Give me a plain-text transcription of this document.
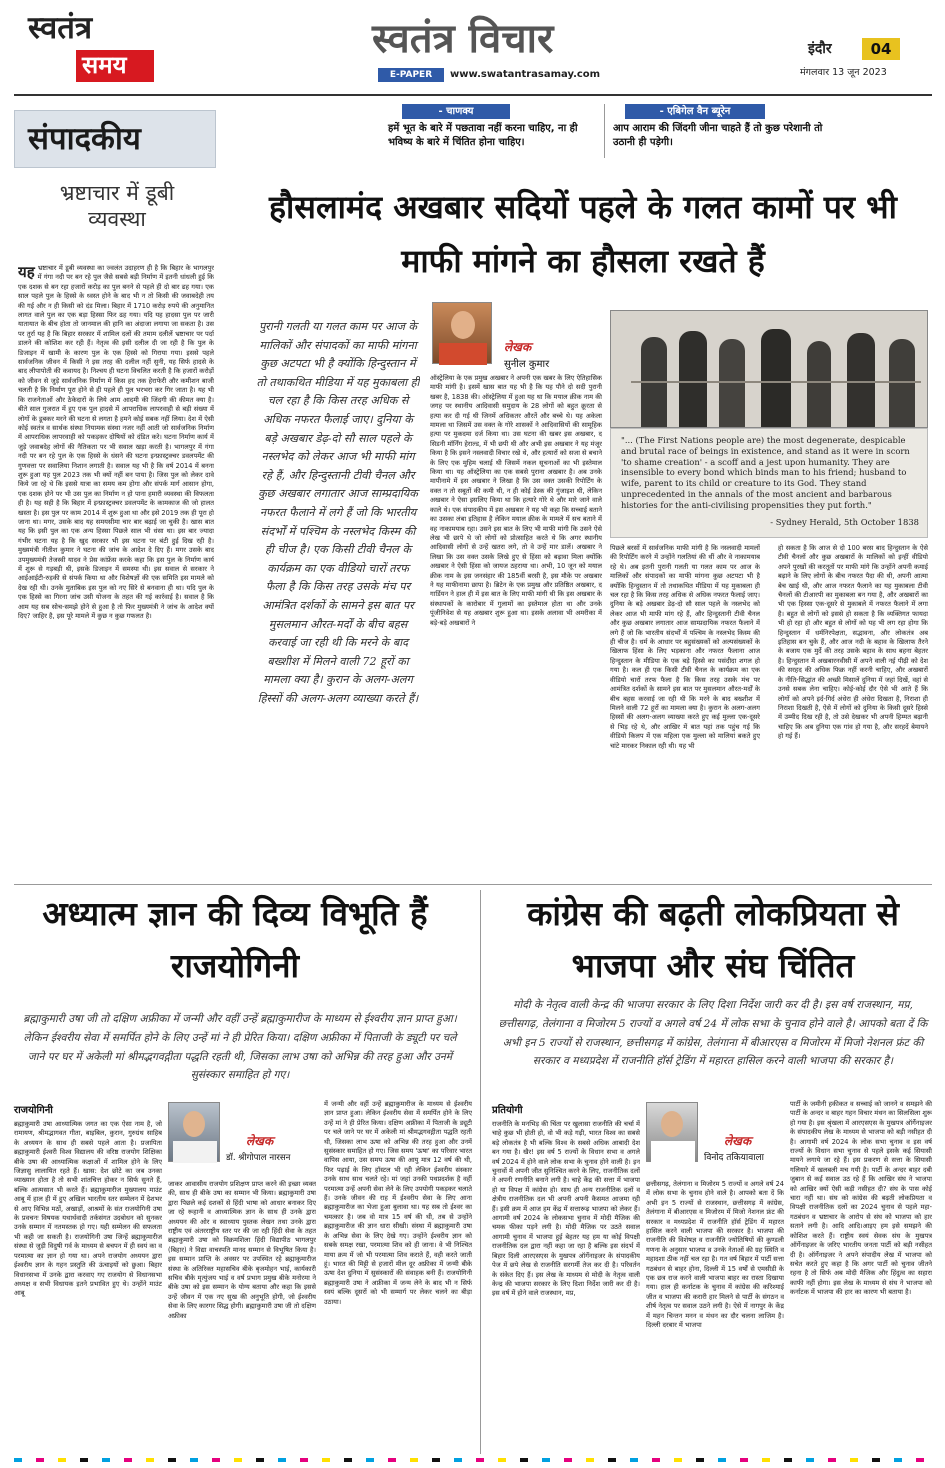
स्वतंत्र
समय
स्वतंत्र विचार
E-PAPER	www.swatantrasamay.com
इंदौर	04
मंगलवार 13 जून 2023
- चाणक्य
हमें भूत के बारे में पछतावा नहीं करना चाहिए, ना ही भविष्य के बारे में चिंतित होना चाहिए।
- एबिगेल वैन ब्यूरेन
आप आराम की जिंदगी जीना चाहते हैं तो कुछ परेशानी तो उठानी ही पड़ेगी।
संपादकीय
भ्रष्टाचार में डूबी व्यवस्था
यह भ्रष्टाचार में डूबी व्यवस्था का ज्वलंत उदाहरण ही है कि बिहार के भागलपुर में गंगा नदी पर बन रहे पुल जैसे सबसे बड़ी निर्माण में इतनी धांधली हुई कि एक दशक से बन रहा हजारों करोड़ का पुल बनने से पहले ही दो बार ढह गया। एक साल पहले पुल के हिस्से के ध्वस्त होने के बाद भी न तो किसी की जवाबदेही तय की गई और न ही किसी को दंड मिला। बिहार में 1710 करोड़ रुपये की अनुमानित लागत वाले पुल का एक बड़ा हिस्सा फिर ढह गया। यदि यह हादसा पुल पर जारी यातायात के बीच होता तो जानमाल की हानि का अंदाजा लगाया जा सकता है। उस पर तुर्रा यह है कि बिहार सरकार में शामिल दलों की तमाम दलीलें भ्रष्टाचार पर पर्दा डालने की कोशिश कर रही हैं। नेतृत्व की इसी दलील दी जा रही है कि पुल के डिजाइन में खामी के कारण पुल के एक हिस्से को गिराया गया। इससे पहले सार्वजनिक जीवन में किसी ने इस तरह की दलील नहीं सुनी, यह सिर्फ हादसे के बाद लीपापोती की कवायद है। निश्चय ही घटना विचलित करती है कि हजारों करोड़ों को जीवन से जुड़े सार्वजनिक निर्माण में किस हद तक हेराफेरी और कमीशन बाजी चलती है कि निर्माण पूरा होने से ही पहले ही पुल भरभरा कर गिर जाता है। यह भी कि राजनेताओं और ठेकेदारों के लिये आम आदमी की जिंदगी की कीमत क्या है। बीते साल गुजरात में हुए एक पुल हादसे में आपराधिक लापरवाही से बड़ी संख्या में लोगों के डूबकर मरने की घटना से लगता है हमने कोई सबक नहीं लिया। देश में ऐसी कोई स्वतंत्र व सार्थक संस्था नियामक संस्था नजर नहीं आती जो सार्वजनिक निर्माण में आपराधिक लापरवाही को पकड़कर दोषियों को दंडित करे। घटना निर्माण कार्य में जुड़े जवाबदेह लोगों की नैतिकता पर भी सवाल खड़ा करती है। भागलपुर में गंगा नदी पर बन रहे पुल के एक हिस्से के धंसने की घटना इन्फ्रास्ट्रक्चर डवलपमेंट की गुणवत्ता पर सवालिया निशान लगाती है। सवाल यह भी है कि वर्ष 2014 में बनना शुरू हुआ यह पुल 2023 तक भी क्यों नहीं बन पाया है। जिस पुल को लेकर दावे किये जा रहे थे कि इससे यात्रा का समय कम होगा और संपर्क मार्ग आसान होगा, एक दशक होने पर भी उस पुल का निर्माण न हो पाना हमारी व्यवस्था की विफलता ही है। यह सही है कि बिहार में इन्फ्रास्ट्रक्चर डवलपमेंट के कामकाज की जो हालत खस्ता है। इस पुल पर काम 2014 में शुरू हुआ था और इसे 2019 तक ही पूरा हो जाना था। मगर, उसके बाद यह समयसीमा चार बार बढ़ाई जा चुकी है। खास बात यह कि इसी पुल का एक अन्य हिस्सा पिछले साल भी धंसा था। इस बार ज्यादा गंभीर घटना यह है कि खुद सरकार भी इस घटना पर बंटी हुई दिख रही है। मुख्यमंत्री नीतीश कुमार ने घटना की जांच के आदेश दे दिए हैं। मगर उसके बाद उपमुख्यमंत्री तेजस्वी यादव ने प्रेस कांफ्रेंस करके कहा कि इस पुल के निर्माण कार्य में शुरू से गड़बड़ी थी, इसके डिजाइन में समस्या थी। इस सवाल से सरकार ने आईआईटी-रुड़की से संपर्क किया था और विशेषज्ञों की एक समिति इस मामले को देख रही थी। उनके मुताबिक इस पुल को नए सिरे से बनवाना ही था। यदि पुल के एक हिस्से का गिरना जांच उसी योजना के तहत की गई कार्रवाई है। सवाल है कि आम यह सब सोच-समझे होने से हुआ है तो फिर मुख्यमंत्री ने जांच के आदेश क्यों दिए? जाहिर है, इस पूरे मामले में कुछ न कुछ गफलत है।
हौसलामंद अखबार सदियों पहले के गलत कामों पर भी माफी मांगने का हौसला रखते हैं
पुरानी गलती या गलत काम पर आज के मालिकों और संपादकों का माफी मांगना कुछ अटपटा भी है क्योंकि हिन्दुस्तान में तो तथाकथित मीडिया में यह मुकाबला ही चल रहा है कि किस तरह अधिक से अधिक नफरत फैलाई जाए। दुनिया के बड़े अखबार डेढ़-दो सौ साल पहले के नस्लभेद को लेकर आज भी माफी मांग रहे हैं, और हिन्दुस्तानी टीवी चैनल और कुछ अखबार लगातार आज साम्प्रदायिक नफरत फैलाने में लगे हैं जो कि भारतीय संदर्भों में पश्चिम के नस्लभेद किस्म की ही चीज है। एक किसी टीवी चैनल के कार्यक्रम का एक वीडियो चारों तरफ फैला है कि किस तरह उसके मंच पर आमंत्रित दर्शकों के सामने इस बात पर मुसलमान औरत-मर्दों के बीच बहस करवाई जा रही थी कि मरने के बाद बख्शीश में मिलने वाली 72 हूरों का मामला क्या है। कुरान के अलग-अलग हिस्सों की अलग-अलग व्याख्या करते हैं।
लेखक
सुनील कुमार
ऑस्ट्रेलिया के एक प्रमुख अखबार ने अपनी एक खबर के लिए ऐतिहासिक माफी मांगी है। इसमें खास बात यह भी है कि यह पौने दो सदी पुरानी खबर है, 1838 की। ऑस्ट्रेलिया में हुआ यह था कि मयाल क्रीक नाम की जगह पर स्थानीय आदिवासी समुदाय के 28 लोगों को बहुत क्रूरता से हत्या कर दी गई थी जिनमें अधिकतर औरतें और बच्चे थे। यह अकेला मामला था जिसमें उस वक्त के गोरे शासकों ने आदिवासियों की सामूहिक हत्या पर मुकदमा दर्ज किया था। उस घटना की खबर इस अखबार, द सिडनी मॉर्निंग हेराल्ड, में भी छपी थी और अभी इस अखबार ने यह मंजूर किया है कि इसने नस्लवादी विचार रखे थे, और हत्यारों को सजा से बचाने के लिए एक मुहिम चलाई थी जिसमें नकल सूचनाओं का भी इस्तेमाल किया था। यह ऑस्ट्रेलिया का एक सबसे पुराना अखबार है। अब उनके मापीनामे में इस अखबार ने लिखा है कि उस वक्त उसकी रिपोर्टिंग के वक्त न तो सबूतों की कमी थी, न ही कोई डेस्क की गुंजाइश थी, लेकिन अखबार ने ऐसा इसलिए किया था कि हत्यारे गोरे थे और मारे जाने वाले काले थे। एक संपादकीय में इस अखबार ने यह भी कहा कि सच्चाई बताने का उसका लंबा इतिहास है लेकिन मयाल क्रीक के मामले में सच बताने में वह नाकामयाब रहा। उसने इस बात के लिए भी माफी मांगी कि उसने ऐसे लेख भी छापे थे जो लोगों को प्रोत्साहित करते थे कि अगर स्थानीय आदिवासी लोगों से उन्हें खतरा लगे, तो वे उन्हें मार डालें। अखबार ने लिखा कि उस वक्त उसके लिखे हुए से हिंसा को बढ़ावा मिला क्योंकि अखबार ने ऐसी हिंसा को जायज ठहराया था। अभी, 10 जून को मयाल क्रीक नाम के इस जनसंहार की 185वीं बरसी है, इस मौके पर अखबार ने यह माफीनामा छापा है। ब्रिटेन के एक प्रमुख और प्रतिष्ठित अखबार, द गार्डियन ने हाल ही में इस बात के लिए माफी मांगी थी कि इस अखबार के संस्थापकों के कारोबार में गुलामों का इस्तेमाल होता था और उनके पूंजीनिवेश से यह अखबार शुरू हुआ था। इसके अलावा भी अमरीका में बड़े-बड़े अखबारों ने
"... (The First Nations people are) the most degenerate, despicable and brutal race of beings in existence, and stand as it were in scorn 'to shame creation' - a scoff and a jest upon humanity. They are insensible to every bond which binds man to his friend; husband to wife, parent to its child or creature to its God. They stand unprecedented in the annals of the most ancient and barbarous histories for the anti-civilising propensities they put forth."
- Sydney Herald, 5th October 1838
पिछले बरसों में सार्वजनिक माफी मांगी है कि नस्लवादी मामलों की रिपोर्टिंग करने में उन्होंने गलतियां की थीं और वे नाकामयाब रहे थे। अब इतनी पुरानी गलती या गलत काम पर आज के मालिकों और संपादकों का माफी मांगना कुछ अटपटा भी है क्योंकि हिन्दुस्तान में तो तथाकथित मीडिया में यह मुकाबला ही चल रहा है कि किस तरह अधिक से अधिक नफरत फैलाई जाए। दुनिया के बड़े अखबार डेढ़-दो सौ साल पहले के नस्लभेद को लेकर आज भी माफी मांग रहे हैं, और हिन्दुस्तानी टीवी चैनल और कुछ अखबार लगातार आज साम्प्रदायिक नफरत फैलाने में लगे हैं जो कि भारतीय संदर्भों में पश्चिम के नस्लभेद किस्म की ही चीज है। धर्म के आधार पर बहुसंख्यकों को अल्पसंख्यकों के खिलाफ हिंसा के लिए भड़काना और नफरत फैलाना आज हिन्दुस्तान के मीडिया के एक बड़े हिस्से का पसंदीदा शगल हो गया है। कल ही एक किसी टीवी चैनल के कार्यक्रम का एक वीडियो चारों तरफ फैला है कि किस तरह उसके मंच पर आमंत्रित दर्शकों के सामने इस बात पर मुसलमान औरत-मर्दों के बीच बहस करवाई जा रही थी कि मरने के बाद बख्शीश में मिलने वाली 72 हूरों का मामला क्या है। कुरान के अलग-अलग हिस्सों की अलग-अलग व्याख्या करते हुए कई मुल्ला एक-दूसरे से भिड़ रहे थे, और आखिर में बात यहां तक पहुंच गई कि वीडियो किलप में एक महिला एक मुल्ला को मालियां बकते हुए चांटे मारकर निकाल रही थी। यह भी
हो सकता है कि आज से दो 100 बरस बाद हिन्दुस्तान के ऐसे टीवी चैनलों और कुछ अखबारों के मालिकों को इन्हीं वीडियो अपने पुरखों की करतूतों पर माफी मांगे कि उन्होंने अपनी कमाई बढ़ाने के लिए लोगों के बीच नफरत पैदा की थी, अपनी आत्मा बेच खाई थी, और आज नफरत फैलाने का यह मुकाबला टीवी चैनलों की टीआरपी का मुकाबला बन गया है, और अखबारों का भी एक हिस्सा एक-दूसरे से मुकाबले में नफरत फैलाने में लगा है। बहुत से लोगों को इससे हो सकता है कि व्यक्तिगत फायदा भी हो रहा हो और बहुत से लोगों को यह भी लग रहा होगा कि हिन्दुस्तान में धर्मनिरपेक्षता, सद्भावना, और लोकतंत्र अब इतिहास बन चुके हैं, और आज नदी के बहाव के खिलाफ तैरने के बजाय एक मुर्दे की तरह उसके बहाव के साथ बहना बेहतर है। हिन्दुस्तान में अखबारनवीसी में अपने वाली नई पीढ़ी को देश की सरहद की अधिक फिक्र नहीं करनी चाहिए, और अखबारों के नीति-सिद्धांत की अच्छी मिसालें दुनिया में जहां दिखें, वहां से उनसे सबक लेना चाहिए। कोई-कोई दौर ऐसे भी आते हैं कि लोगों को अपने इर्द-गिर्द अंधेरा ही अंधेरा दिखता है, निराशा ही निराशा दिखती है, ऐसे में लोगों को दुनिया के किसी दूसरे हिस्से में उम्मीद दिख रही है, तो उसे देखकर भी अपनी हिम्मत बढ़ानी चाहिए कि अब दुनिया एक गांव हो गया है, और सरहदें बेमायने हो गई हैं।
अध्यात्म ज्ञान की दिव्य विभूति हैं राजयोगिनी
ब्रह्माकुमारी उषा जी तो दक्षिण अफ्रीका में जन्मी और वहीं उन्हें ब्रह्माकुमारीज के माध्यम से ईश्वरीय ज्ञान प्राप्त हुआ। लेकिन ईश्वरीय सेवा में समर्पित होने के लिए उन्हें मां ने ही प्रेरित किया। दक्षिण अफ्रीका में पिताजी के ड्यूटी पर चले जाने पर घर में अकेली मां श्रीमद्भगवद्गीता पद्धति रहती थी, जिसका लाभ उषा को अभिन्न की तरह हुआ और उनमें सुसंस्कार समाहित हो गए।
राजयोगिनी
ब्रह्माकुमारी उषा आध्यात्मिक जगत का एक ऐसा नाम है, जो रामायण, श्रीमद्भागवत गीता, बाइबिल, कुरान, गुरुग्रंथ साहिब के अध्ययन के साथ ही सबसे पहले आता है। प्रजापिता ब्रह्माकुमारी ईश्वरी विश्व विद्यालय की वरिष्ठ राजयोग शिक्षिका बीके उषा की आध्यात्मिक कक्षाओं में शामिल होने के लिए जिज्ञासु लालायित रहते हैं। खास: देश छोटे का जब उनका व्याख्यान होता है तो सभी शांतचित्त होकर न सिर्फ सुनते हैं, बल्कि आत्मसात भी करते हैं। ब्रह्माकुमारीज मुख्यालय माउंट आबू में हाल ही में हुए अखिल भारतीय स्तर सम्मेलन में देशभर से आए विभिन्न मठों, अखाड़ों, आश्रमों के संत राजयोगिनी उषा के प्रवचनः विषयक यथार्थवादी तर्कसंगत उदबोधन को सुनकर उनके सम्मान में नतमस्तक हो गए। यही सम्मेलन की सफलता भी कही जा सकती है। राजयोगिनी उषा जिन्हें ब्रह्माकुमारीज संस्था से जुड़ी विदुषी गर्व के माध्यम से बचपन में ही स्वयं का व परमात्मा का ज्ञान हो गया था। अपने राजयोग अध्ययन द्वारा ईश्वरीय ज्ञान के गहन प्रस्तुति की ऊंचाइयों को छुआ। बिहार विधानसभा में उनके द्वारा करवाए गए राजयोग से विधानसभा अध्यक्ष व सभी विधायक इतने प्रभावित हुए थे। उन्होंने माउंट आबू
लेखक
डॉ. श्रीगोपाल नारसन
जाकर आवासीय राजयोग प्रशिक्षण प्राप्त करने की इच्छा व्यक्त की, साथ ही बीके उषा का सम्मान भी किया। ब्रह्माकुमारी उषा द्वारा पिछले कई दशकों से हिंदी भाषा को आधार बनाकर दिए जा रहे रूहानी व आध्यात्मिक ज्ञान के साथ ही उनके द्वारा अध्ययन की ओर व स्वाध्याय पुस्तक लेखन तथा उनके द्वारा राष्ट्रीय एवं अंतरराष्ट्रीय स्तर पर की जा रही हिंदी सेवा के तहत ब्रह्माकुमारी उषा को विक्रमशिला हिंदी विद्यापीठ भागलपुर (बिहार) ने विद्या वाचस्पति मानद सम्मान से विभूषित किया है। इस सम्मान प्राप्ति के अवसर पर उपस्थित रहे ब्रह्माकुमारीज संस्था के अतिरिक्त महासचिव बीके बृजमोहन भाई, कार्यकारी सचिव बीके मृत्युंजय भाई व वर्ष प्रभाग प्रमुख बीके मनोरमा ने बीके उषा को इस सम्मान के योग्य बताया और कहा कि इससे उन्हें जीवन में एक नए सुख की अनुभूति होगी, जो ईश्वरीय सेवा के लिए कारगर सिद्ध होगी। ब्रह्माकुमारी उषा जी तो दक्षिण अफ्रीका
में जन्मी और वहीं उन्हें ब्रह्माकुमारीज के माध्यम से ईश्वरीय ज्ञान प्राप्त हुआ। लेकिन ईश्वरीय सेवा में समर्पित होने के लिए उन्हें मां ने ही प्रेरित किया। दक्षिण अफ्रीका में पिताजी के ड्यूटी पर चले जाने पर घर में अकेली मां श्रीमद्भगवद्गीता पद्धति रहती थी, जिसका लाभ ऊषा को अभिन्न की तरह हुआ और उनमें सुसंस्कार समाहित हो गए। जिस समय 'ऊषा' का परिवार भारत वापिस आया, उस समय ऊषा की आयु मात्र 12 वर्ष की थी, फिर पढ़ाई के लिए हॉस्टल भी रही लेकिन ईश्वरीय संस्कार उनके साथ साथ चलते रहे। मां जहां उनकी पथप्रदर्शक है वहीं परमात्मा उन्हें अपनी सेवा लेने के लिए उपयोगी पकड़कर चलाते हैं। उनके जीवन की राह में ईश्वरीय सेवा के लिए आना ब्रह्माकुमारीज का भेजा हुआ बुलावा था। यह सब तो ईश्वर का चमत्कार है। जब वो मात्र 15 वर्ष की थी, तब से उन्होंने ब्रह्माकुमारीज की ज्ञान धारा सीखी। संस्था में ब्रह्माकुमारी उषा के अभिन्न सेवा के लिए देखे गए। उन्होंने ईश्वरीय ज्ञान को सबके समक्ष रखा, परमात्मा शिव को ही जाना। वे भी निश्चित माया क्रम में जो भी परमात्मा शिव कराते हैं, वही करते जाती हूं। भारत की मिट्टी से हजारों मील दूर अफ्रीका में जन्मी बीके ऊषा देश दुनिया में सुसंस्कारों की संवाहक बनी हैं। राजयोगिनी ब्रह्माकुमारी उषा ने अफ्रीका में जन्म लेने के बाद भी न सिर्फ स्वयं बल्कि दूसरों को भी सम्मार्ग पर लेकर चलने का बीड़ा उठाया।
कांग्रेस की बढ़ती लोकप्रियता से भाजपा और संघ चिंतित
मोदी के नेतृत्व वाली केन्द्र की भाजपा सरकार के लिए दिशा निर्देश जारी कर दी है। इस वर्ष राजस्थान, मप्र, छत्तीसगढ़, तेलंगाना व मिजोरम 5 राज्यों व अगले वर्ष 24 में लोक सभा के चुनाव होने वाले है। आपको बता दें कि अभी इन 5 राज्यों से राजस्थान, छत्तीसगढ़ में कांग्रेस, तेलंगाना में बीआरएस व मिजोरम में मिजो नेशनल फ्रंट की सरकार व मध्यप्रदेश में राजनीति हॉर्स ट्रेडिंग में महारत हासिल करने वाली भाजपा की सरकार है।
प्रतियोगी
राजनीति के मनभिड़ की चिंता पर खुलासा राजनीति की चर्चा में चाहे कुछ भी होती हो, वो भी कड़े गढ़ी, भारत विश्व का सबसे बड़े लोकतंत्र है भी बल्कि विश्व के सबसे अधिक आबादी देश बन गया है। खैर! इस वर्ष 5 राज्यों के विधान सभा व अगले वर्ष 2024 में होने वाले लोक सभा के चुनाव होने वाली है। इन चुनावों में अपनी जीत सुनिश्चित करने के लिए, राजनीतिक दलों ने अपनी रणनीति बनाने लगी है। चाहे केंद्र की सत्ता में भाजपा हो या विपक्ष में कांग्रेस हो। साथ ही अन्य राजनीतिक दलों व क्षेत्रीय राजनीतिक दल भी अपनी अपनी कैसमत आजमा रही हैं। इसी क्रम में आज हम केंद्र में सत्तारूढ़ भाजपा को लेकर हैं। आगामी वर्ष 2024 के लोकसभा चुनाव में मोदी मैजिक की चमक फीका पड़ने लगी है। मोदी मैजिक पर उठते सवाल आगामी चुनाव में भाजपा हुई बेहतर यह हम या कोई विपक्षी राजनीतिक दल द्वारा नहीं कहा जा रहा है बल्कि इस संदर्भ में बिहार दिली आरएसएस के मुखपत्र ऑर्गेनाइजर के संपादकीय पेज में छपे लेख से राजनीति सरगर्मी तेज कर दी है। परिवर्तन के संकेत दिए हैं। इस लेख के माध्यम से मोदी के नेतृत्व वाली केन्द्र की भाजपा सरकार के लिए दिशा निर्देश जारी कर दी है। इस वर्ष में होने वाले राजस्थान, मप्र,
लेखक
विनोद तकियावाला
छत्तीसगढ़, तेलंगाना व मिजोरम 5 राज्यों व अगले वर्ष 24 में लोक सभा के चुनाव होने वाले है। आपको बता दें कि अभी इन 5 राज्यों से राजस्थान, छत्तीसगढ़ में कांग्रेस, तेलंगाना में बीआरएस व मिजोरम में मिजो नेशनल फ्रंट की सरकार व मध्यप्रदेश में राजनीति हॉर्स ट्रेडिंग में महारत हासिल करने वाली भाजपा की सरकार है। भाजपा की राजनीति की विशेषज्ञ व राजनीति ज्योतिषियों की कुण्डली गणना के अनुसार भाजपा व उनके नेताओं की ग्रह स्थिति व महादशा ठीक नहीं चल रहा है। गत वर्ष बिहार में पार्टी सत्ता गठबंधन से बाहर होना, दिल्ली में 15 वर्षों से एमसीडी के एक छत्र राज करने वाली भाजपा बाहर का रास्ता दिखाया गया। हाल ही कर्नाटक के चुनाव में कांग्रेस की करिश्माई जीत व भाजपा की करारी हार मिलने से पार्टी के संगठन व शीर्ष नेतृत्व पर सवाल उठने लगी है। ऐसे में नागपुर के केंद्र में महन चिन्तन मनन व मंथन का दौर चलना लाजिम है। दिल्ली दरबार में भाजपा
पार्टी के जमीनी हकीकत व सच्चाई को जानने व समझने की पार्टी के अन्दर व बाहर गहन विचार मंथन का सिलसिला शुरू हो गया है। इस श्रृंखला में आरएसएस के मुखपत्र ऑर्गेनाइजर के संपादकीय लेख के माध्यम से भाजपा को बड़ी नसीहत दी है। आगामी वर्ष 2024 के लोक सभा चुनाव व इस वर्ष राज्यों के विधान सभा चुनाव से पहले इसके कई सियासी मायने लगाये जा रहे हैं। इस प्रकरण से सत्ता के सियासी गलियारे में खलबली मच गयी है। पार्टी के अन्दर बाहर दबी जुबान से कई सवाल उठ रहे हैं कि आखिर संघ ने भाजपा को आखिर क्यों ऐसी कड़ी नसीहत दी? संघ के पास कोई चारा नहीं था। संघ को कांग्रेस की बढ़ती लोकप्रियता व विपक्षी राजनीतिक दलों का 2024 चुनाव से पहले महा-गठबंधन व भ्रष्टाचार के आरोप से संघ को भाजपा को हार सताने लगी है। आदि आदि।आइए हम इसे समझने की कोशिश करते हैं। राष्ट्रीय स्वयं सेवक संघ के मुखपत्र ऑर्गेनाइजर के जरिए भारतीय जनता पार्टी को बड़ी नसीहत दी है। ऑर्गेनाइजर ने अपने संपादीय लेख में भाजपा को सचेत करते हुए कहा है कि अगर पार्टी को चुनाव जीतने रहना है तो सिर्फ अब मोदी मैजिक और हिंदुत्व का सहारा काफी नहीं होगा। इस लेख के माध्यम से संघ ने भाजपा को कर्नाटक में भाजपा की हार का कारण भी बताया है।
